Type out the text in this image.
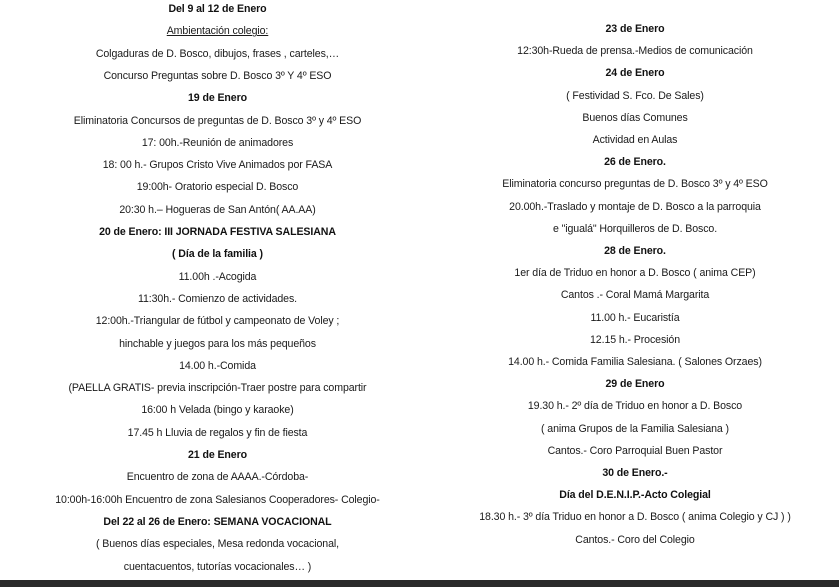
Del 9 al 12 de Enero
Ambientación colegio:
Colgaduras de D. Bosco, dibujos, frases , carteles,…
Concurso Preguntas sobre D. Bosco 3º Y 4º ESO
19 de Enero
Eliminatoria Concursos de preguntas de D. Bosco 3º y 4º ESO
17: 00h.-Reunión de animadores
18: 00 h.- Grupos Cristo Vive Animados por FASA
19:00h- Oratorio especial D. Bosco
20:30 h.– Hogueras de San Antón( AA.AA)
20 de Enero: III JORNADA FESTIVA SALESIANA
( Día de la familia )
11.00h .-Acogida
11:30h.- Comienzo de actividades.
12:00h.-Triangular de fútbol y campeonato de Voley ;
hinchable y juegos para los más pequeños
14.00 h.-Comida
(PAELLA GRATIS- previa inscripción-Traer postre para compartir
16:00 h Velada (bingo y karaoke)
17.45 h Lluvia de regalos y fin de fiesta
21 de Enero
Encuentro de zona de AAAA.-Córdoba-
10:00h-16:00h Encuentro de zona Salesianos Cooperadores- Colegio-
Del 22 al 26 de Enero: SEMANA VOCACIONAL
( Buenos días especiales, Mesa redonda vocacional,
cuentacuentos, tutorías vocacionales… )
23 de Enero
12:30h-Rueda de prensa.-Medios de comunicación
24 de Enero
( Festividad S. Fco. De Sales)
Buenos días Comunes
Actividad en Aulas
26 de Enero.
Eliminatoria concurso preguntas de D. Bosco 3º y 4º ESO
20.00h.-Traslado y montaje de D. Bosco a la parroquia
e "igualá" Horquilleros de D. Bosco.
28 de Enero.
1er día de Triduo en honor a D. Bosco ( anima CEP)
Cantos .- Coral Mamá Margarita
11.00 h.- Eucaristía
12.15 h.- Procesión
14.00 h.- Comida Familia Salesiana. ( Salones Orzaes)
29 de Enero
19.30 h.- 2º día de Triduo en honor a D. Bosco
( anima Grupos de la Familia Salesiana )
Cantos.- Coro Parroquial Buen Pastor
30 de Enero.-
Día del D.E.N.I.P.-Acto Colegial
18.30 h.- 3º día Triduo en honor a D. Bosco ( anima Colegio y CJ ) )
Cantos.- Coro del Colegio
